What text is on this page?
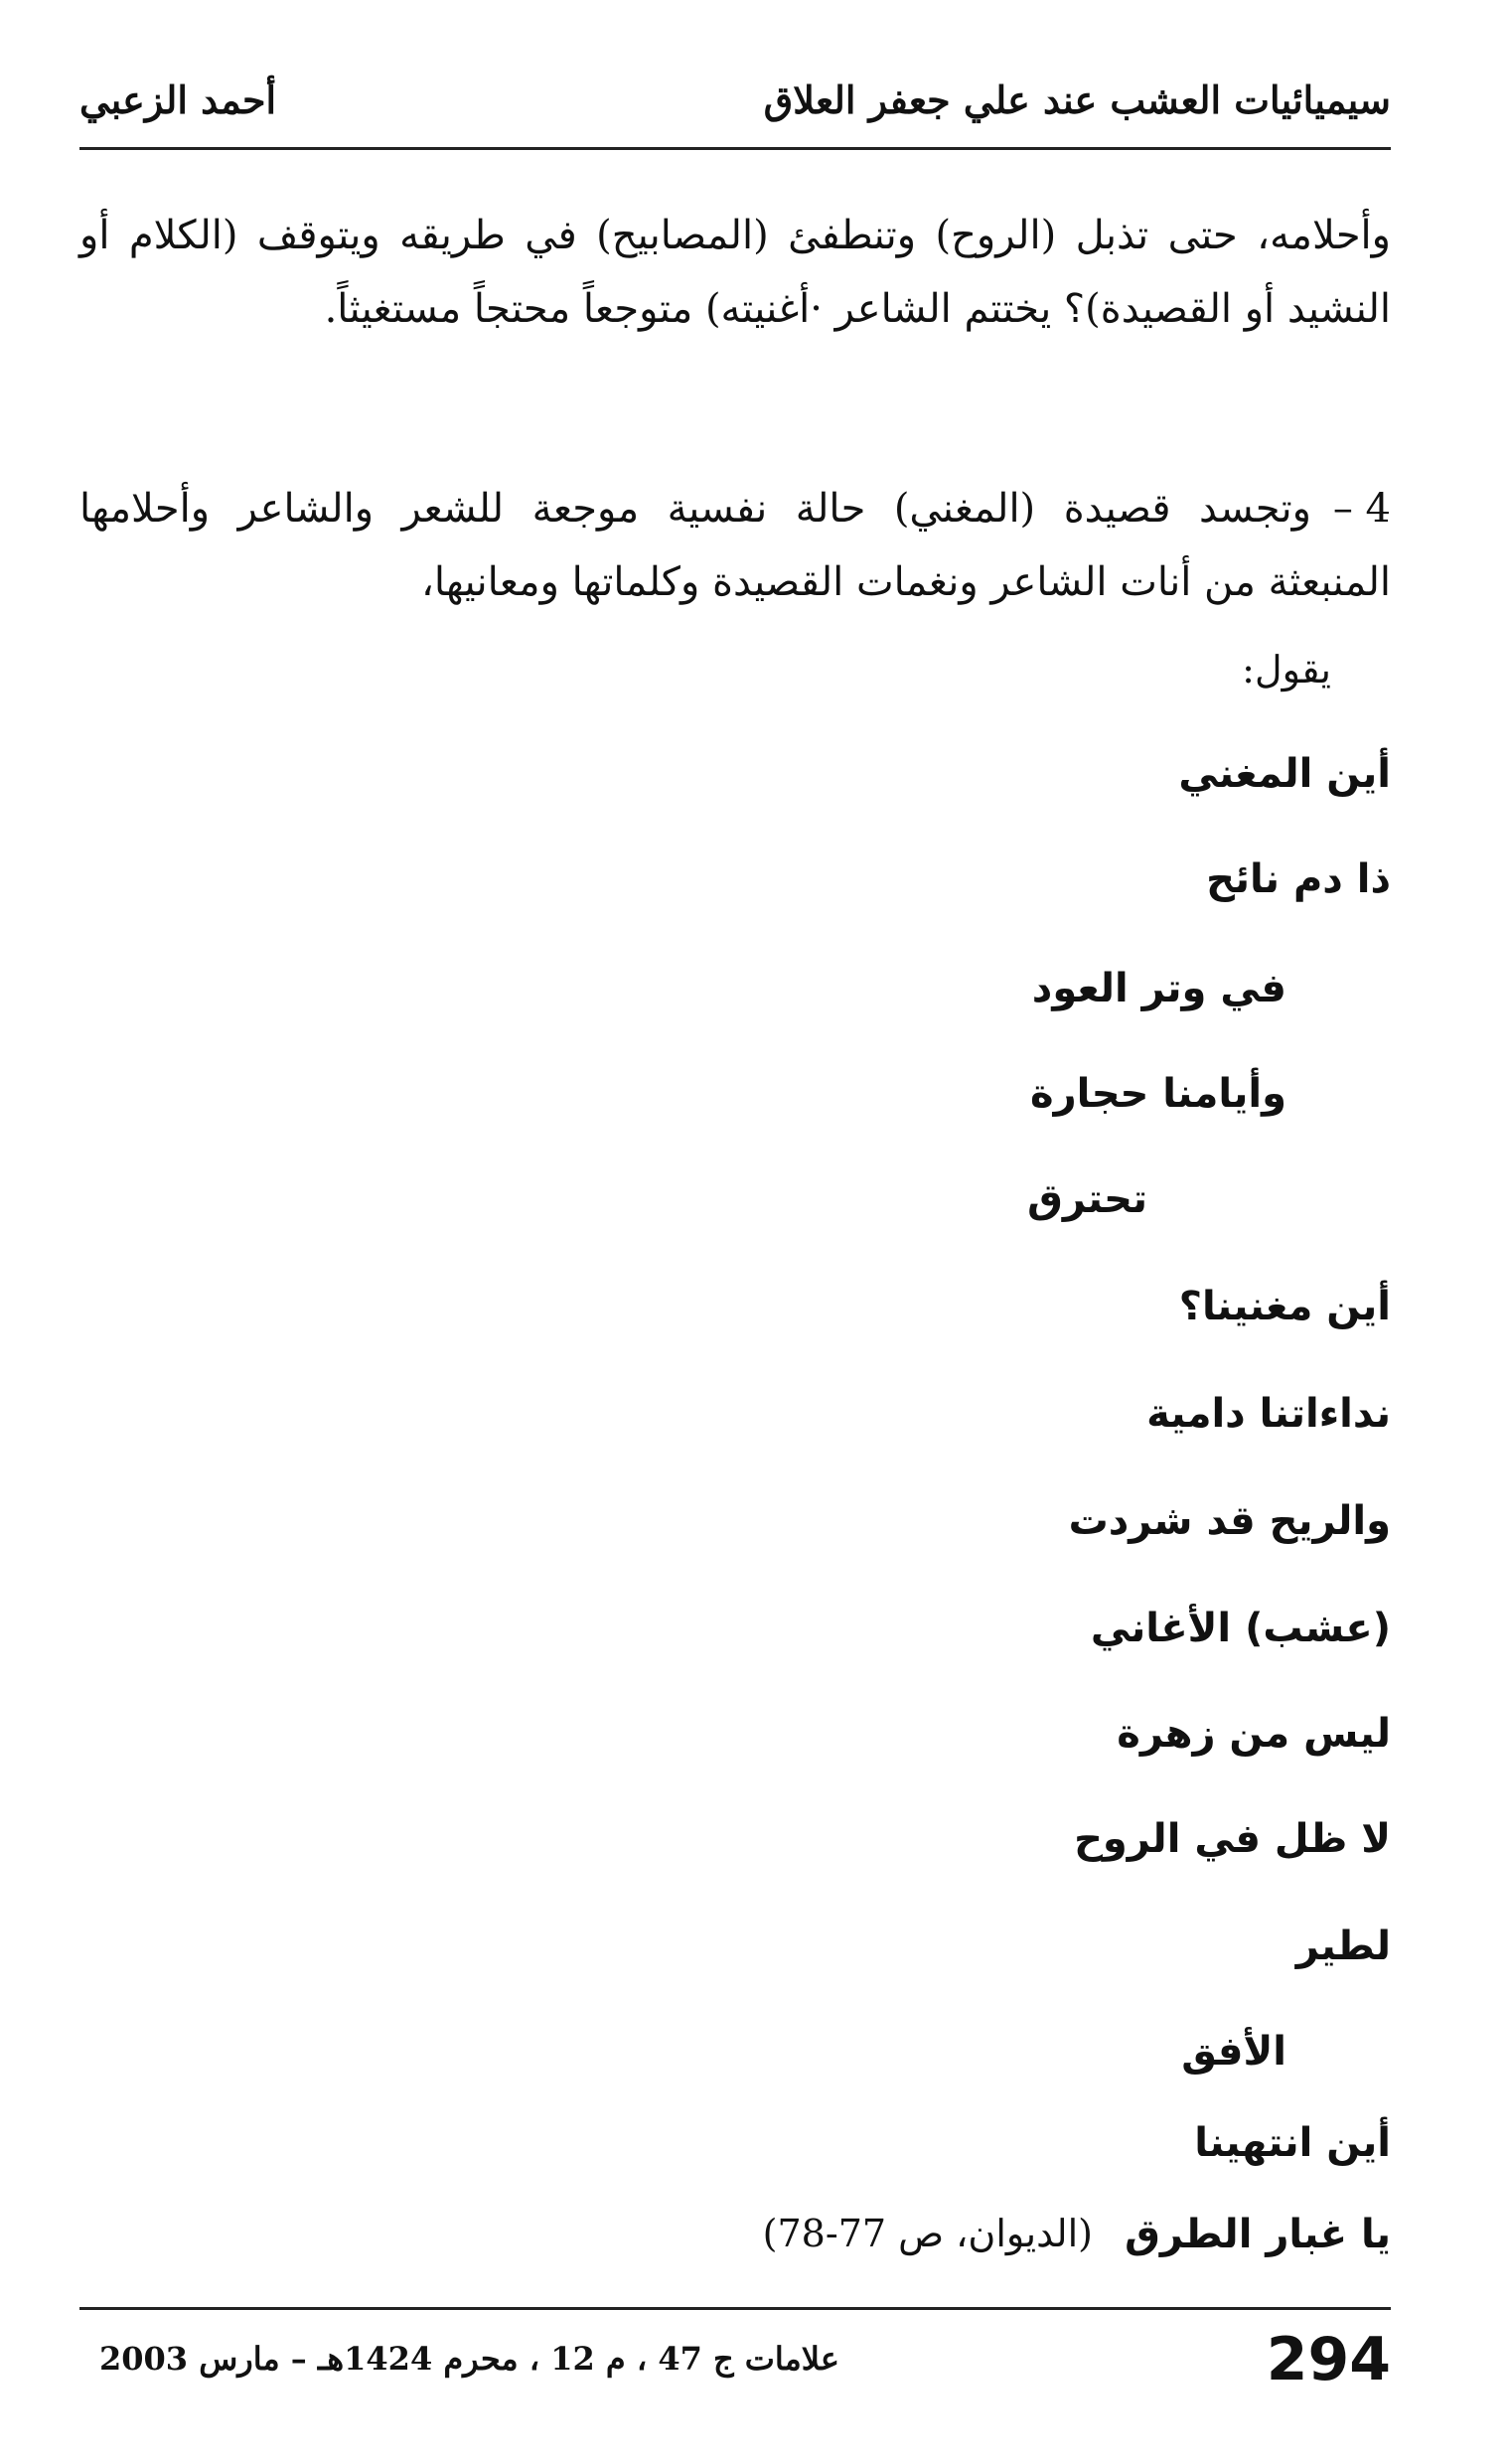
سيميائيات العشب عند علي جعفر العلاق
أحمد الزعبي

وأحلامه، حتى تذبل (الروح) وتنطفئ (المصابيح) في طريقه ويتوقف (الكلام أو النشيد أو القصيدة)؟ يختتم الشاعر ·أغنيته) متوجعاً محتجاً مستغيثاً.

4 –وتجسد قصيدة (المغني) حالة نفسية موجعة للشعر والشاعر وأحلامها المنبعثة من أنات الشاعر ونغمات القصيدة وكلماتها ومعانيها،

يقول:
أين المغني
ذا دم نائح
في وتر العود
وأيامنا حجارة
تحترق
أين مغنينا؟
نداءاتنا دامية
والريح قد شردت
(عشب) الأغاني
ليس من زهرة
لا ظل في الروح
لطير
الأفق
أين انتهينا
يا غبار الطرق
(الديوان، ص 77-78)
علامات ج 47 ، م 12 ، محرم 1424هـ – مارس 2003	294
